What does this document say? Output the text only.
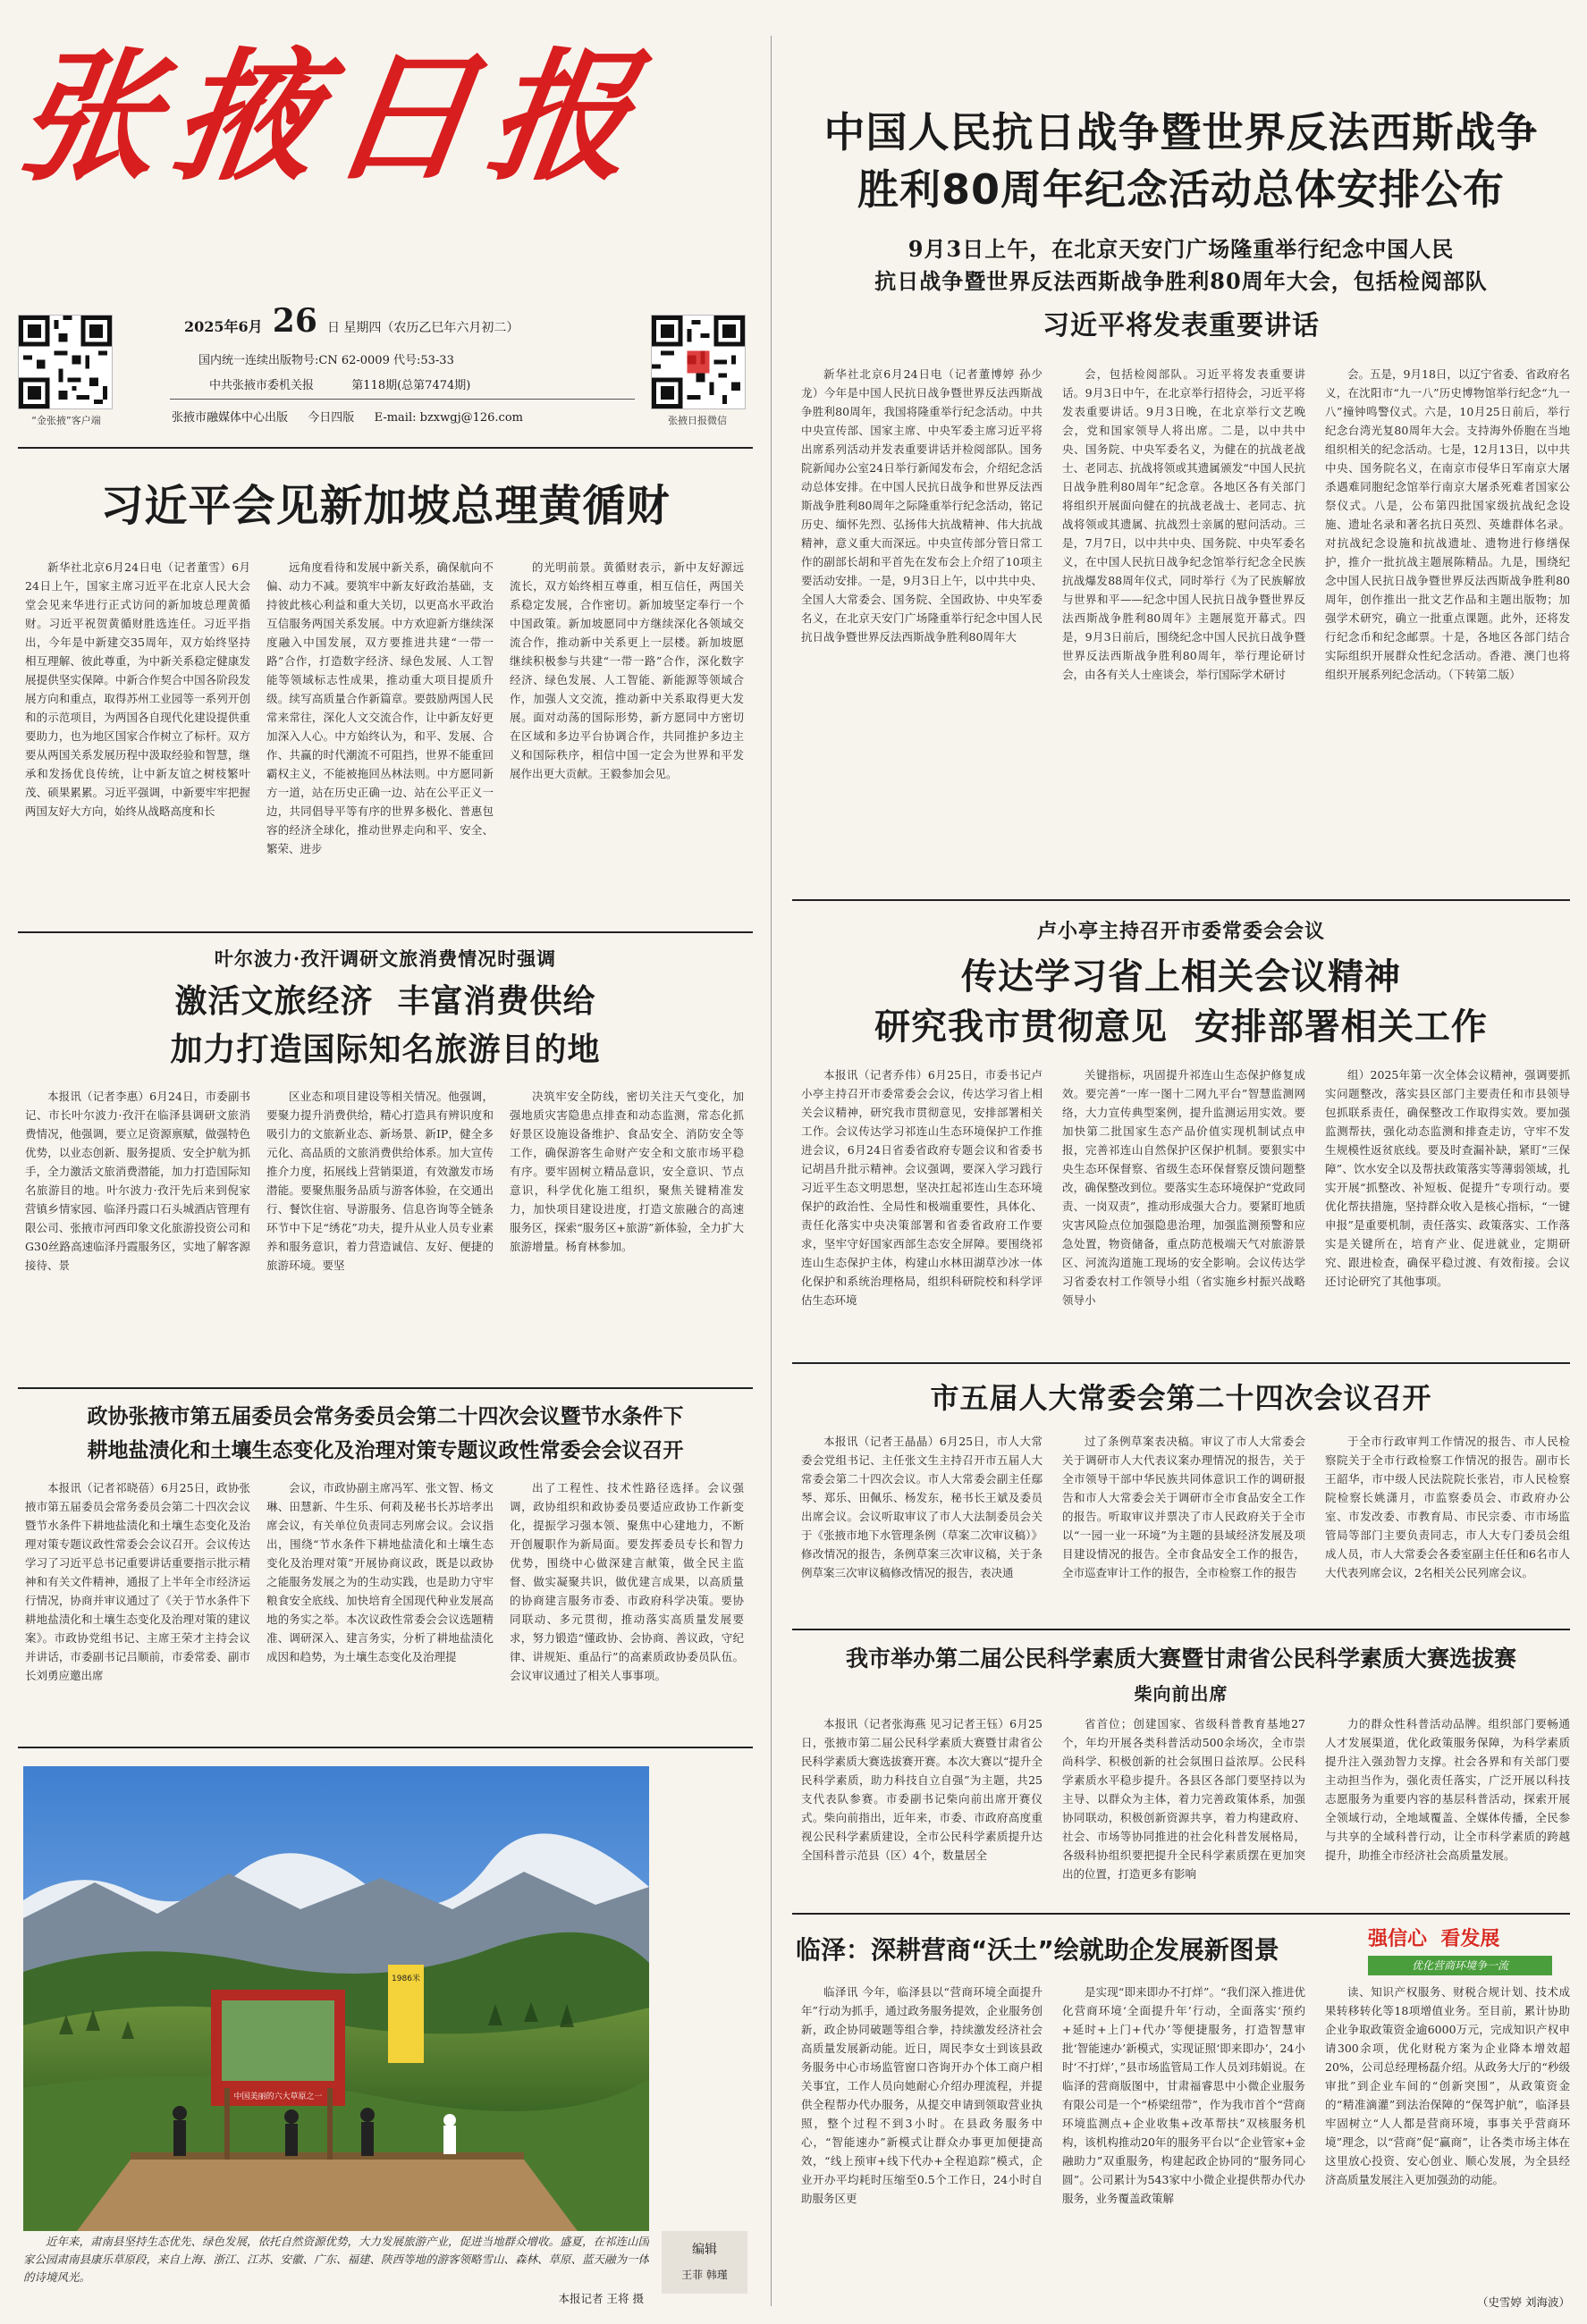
张掖日报
“金张掖”客户端	张掖日报微信
2025年6月 26 日 星期四（农历乙巳年六月初二）
国内统一连续出版物号:CN 62-0009 代号:53-33
中共张掖市委机关报	第118期(总第7474期)
张掖市融媒体中心出版 今日四版 E-mail: bzxwgj@126.com
中国人民抗日战争暨世界反法西斯战争
胜利80周年纪念活动总体安排公布
9月3日上午，在北京天安门广场隆重举行纪念中国人民
抗日战争暨世界反法西斯战争胜利80周年大会，包括检阅部队
习近平将发表重要讲话

新华社北京6月24日电（记者董博婷 孙少龙）今年是中国人民抗日战争暨世界反法西斯战争胜利80周年，我国将隆重举行纪念活动。中共中央宣传部、国家主席、中央军委主席习近平将出席系列活动并发表重要讲话并检阅部队。国务院新闻办公室24日举行新闻发布会，介绍纪念活动总体安排。在中国人民抗日战争和世界反法西斯战争胜利80周年之际隆重举行纪念活动，铭记历史、缅怀先烈、弘扬伟大抗战精神、伟大抗战精神，意义重大而深远。中央宣传部分管日常工作的副部长胡和平首先在发布会上介绍了10项主要活动安排。一是，9月3日上午，以中共中央、全国人大常委会、国务院、全国政协、中央军委名义，在北京天安门广场隆重举行纪念中国人民抗日战争暨世界反法西斯战争胜利80周年大

会，包括检阅部队。习近平将发表重要讲话。9月3日中午，在北京举行招待会，习近平将发表重要讲话。9月3日晚，在北京举行文艺晚会，党和国家领导人将出席。二是，以中共中央、国务院、中央军委名义，为健在的抗战老战士、老同志、抗战将领或其遗属颁发“中国人民抗日战争胜利80周年”纪念章。各地区各有关部门将组织开展面向健在的抗战老战士、老同志、抗战将领或其遗属、抗战烈士亲属的慰问活动。三是，7月7日，以中共中央、国务院、中央军委名义，在中国人民抗日战争纪念馆举行纪念全民族抗战爆发88周年仪式，同时举行《为了民族解放与世界和平——纪念中国人民抗日战争暨世界反法西斯战争胜利80周年》主题展览开幕式。四是，9月3日前后，围绕纪念中国人民抗日战争暨世界反法西斯战争胜利80周年，举行理论研讨会，由各有关人士座谈会，举行国际学术研讨

会。五是，9月18日，以辽宁省委、省政府名义，在沈阳市“九一八”历史博物馆举行纪念“九一八”撞钟鸣警仪式。六是，10月25日前后，举行纪念台湾光复80周年大会。支持海外侨胞在当地组织相关的纪念活动。七是，12月13日，以中共中央、国务院名义，在南京市侵华日军南京大屠杀遇难同胞纪念馆举行南京大屠杀死难者国家公祭仪式。八是，公布第四批国家级抗战纪念设施、遗址名录和著名抗日英烈、英雄群体名录。对抗战纪念设施和抗战遗址、遗物进行修缮保护，推介一批抗战主题展陈精品。九是，围绕纪念中国人民抗日战争暨世界反法西斯战争胜利80周年，创作推出一批文艺作品和主题出版物；加强学术研究，确立一批重点课题。此外，还将发行纪念币和纪念邮票。十是，各地区各部门结合实际组织开展群众性纪念活动。香港、澳门也将组织开展系列纪念活动。（下转第二版）

习近平会见新加坡总理黄循财

新华社北京6月24日电（记者董雪）6月24日上午，国家主席习近平在北京人民大会堂会见来华进行正式访问的新加坡总理黄循财。习近平祝贺黄循财胜选连任。习近平指出，今年是中新建交35周年，双方始终坚持相互理解、彼此尊重，为中新关系稳定健康发展提供坚实保障。中新合作契合中国各阶段发展方向和重点，取得苏州工业园等一系列开创和的示范项目，为两国各自现代化建设提供重要助力，也为地区国家合作树立了标杆。双方要从两国关系发展历程中汲取经验和智慧，继承和发扬优良传统，让中新友谊之树枝繁叶茂、硕果累累。习近平强调，中新要牢牢把握两国友好大方向，始终从战略高度和长

远角度看待和发展中新关系，确保航向不偏、动力不减。要筑牢中新友好政治基础，支持彼此核心利益和重大关切，以更高水平政治互信服务两国关系发展。中方欢迎新方继续深度融入中国发展，双方要推进共建“一带一路”合作，打造数字经济、绿色发展、人工智能等领域标志性成果，推动重大项目提质升级。续写高质量合作新篇章。要鼓励两国人民常来常往，深化人文交流合作，让中新友好更加深入人心。中方始终认为，和平、发展、合作、共赢的时代潮流不可阻挡，世界不能重回霸权主义，不能被拖回丛林法则。中方愿同新方一道，站在历史正确一边、站在公平正义一边，共同倡导平等有序的世界多极化、普惠包容的经济全球化，推动世界走向和平、安全、繁荣、进步

的光明前景。黄循财表示，新中友好源远流长，双方始终相互尊重，相互信任，两国关系稳定发展，合作密切。新加坡坚定奉行一个中国政策。新加坡愿同中方继续深化各领域交流合作，推动新中关系更上一层楼。新加坡愿继续积极参与共建“一带一路”合作，深化数字经济、绿色发展、人工智能、新能源等领域合作，加强人文交流，推动新中关系取得更大发展。面对动荡的国际形势，新方愿同中方密切在区域和多边平台协调合作，共同推护多边主义和国际秩序，相信中国一定会为世界和平发展作出更大贡献。王毅参加会见。

叶尔波力·孜汗调研文旅消费情况时强调
激活文旅经济  丰富消费供给
加力打造国际知名旅游目的地

本报讯（记者李惠）6月24日，市委副书记、市长叶尔波力·孜汗在临泽县调研文旅消费情况，他强调，要立足资源禀赋，做强特色优势，以业态创新、服务提质、安全护航为抓手，全力激活文旅消费潜能，加力打造国际知名旅游目的地。叶尔波力·孜汗先后来到倪家营镇乡情家园、临泽丹霞口石头城酒店管理有限公司、张掖市河西印象文化旅游投资公司和G30丝路高速临泽丹霞服务区，实地了解客源接待、景

区业态和项目建设等相关情况。他强调，要聚力提升消费供给，精心打造具有辨识度和吸引力的文旅新业态、新场景、新IP，健全多元化、高品质的文旅消费供给体系。加大宣传推介力度，拓展线上营销渠道，有效激发市场潜能。要聚焦服务品质与游客体验，在交通出行、餐饮住宿、导游服务、信息咨询等全链条环节中下足“绣花”功夫，提升从业人员专业素养和服务意识，着力营造诚信、友好、便捷的旅游环境。要坚

决筑牢安全防线，密切关注天气变化，加强地质灾害隐患点排查和动态监测，常态化抓好景区设施设备维护、食品安全、消防安全等工作，确保游客生命财产安全和文旅市场平稳有序。要牢固树立精品意识，安全意识、节点意识，科学优化施工组织，聚焦关键精准发力，加快项目建设进度，打造文旅融合的高速服务区，探索“服务区+旅游”新体验，全力扩大旅游增量。杨育林参加。

政协张掖市第五届委员会常务委员会第二十四次会议暨节水条件下
耕地盐渍化和土壤生态变化及治理对策专题议政性常委会会议召开

本报讯（记者祁晓蓓）6月25日，政协张掖市第五届委员会常务委员会第二十四次会议暨节水条件下耕地盐渍化和土壤生态变化及治理对策专题议政性常委会会议召开。会议传达学习了习近平总书记重要讲话重要指示批示精神和有关文件精神，通报了上半年全市经济运行情况，协商并审议通过了《关于节水条件下耕地盐渍化和土壤生态变化及治理对策的建议案》。市政协党组书记、主席王荣才主持会议并讲话，市委副书记吕顺前，市委常委、副市长刘勇应邀出席

会议，市政协副主席冯军、张文智、杨文琳、田慧新、牛生乐、何莉及秘书长苏培孝出席会议，有关单位负责同志列席会议。会议指出，围绕“节水条件下耕地盐渍化和土壤生态变化及治理对策”开展协商议政，既是以政协之能服务发展之为的生动实践，也是助力守牢粮食安全底线、加快培育全国现代种业发展高地的务实之举。本次议政性常委会会议选题精准、调研深入、建言务实，分析了耕地盐渍化成因和趋势，为土壤生态变化及治理提

出了工程性、技术性路径选择。会议强调，政协组织和政协委员要适应政协工作新变化，提振学习强本领、聚焦中心建地力，不断开创履职作为新局面。要发挥委员专长和智力优势，围绕中心做深建言献策，做全民主监督、做实凝聚共识，做优建言成果，以高质量的协商建言服务市委、市政府科学决策。要协同联动、多元贯彻，推动落实高质量发展要求，努力锻造“懂政协、会协商、善议政，守纪律、讲规矩、重品行”的高素质政协委员队伍。会议审议通过了相关人事事项。

中国美丽的六大草原之一
1986米
近年来，肃南县坚持生态优先、绿色发展，依托自然资源优势，大力发展旅游产业，促进当地群众增收。盛夏，在祁连山国家公园肃南县康乐草原段，来自上海、浙江、江苏、安徽、广东、福建、陕西等地的游客领略雪山、森林、草原、蓝天融为一体的诗境风光。
本报记者 王将 摄
编辑
王菲 韩瑾
卢小亭主持召开市委常委会会议
传达学习省上相关会议精神
研究我市贯彻意见  安排部署相关工作

本报讯（记者乔伟）6月25日，市委书记卢小亭主持召开市委常委会会议，传达学习省上相关会议精神，研究我市贯彻意见，安排部署相关工作。会议传达学习祁连山生态环境保护工作推进会议，6月24日省委省政府专题会议和省委书记胡昌升批示精神。会议强调，要深入学习践行习近平生态文明思想，坚决扛起祁连山生态环境保护的政治性、全局性和极端重要性，具体化、责任化落实中央决策部署和省委省政府工作要求，坚牢守好国家西部生态安全屏障。要围绕祁连山生态保护主体，构建山水林田湖草沙冰一体化保护和系统治理格局，组织科研院校和科学评估生态环境

关键指标，巩固提升祁连山生态保护修复成效。要完善“一库一图十二网九平台”智慧监测网络，大力宣传典型案例，提升监测运用实效。要加快第二批国家生态产品价值实现机制试点申报，完善祁连山自然保护区保护机制。要狠实中央生态环保督察、省级生态环保督察反馈问题整改，确保整改到位。要落实生态环境保护“党政同责、一岗双责”，推动形成强大合力。要紧盯地质灾害风险点位加强隐患治理，加强监测预警和应急处置，物资储备，重点防范极端天气对旅游景区、河流沟道施工现场的安全影响。会议传达学习省委农村工作领导小组（省实施乡村振兴战略领导小

组）2025年第一次全体会议精神，强调要抓实问题整改，落实县区部门主要责任和市县领导包抓联系责任，确保整改工作取得实效。要加强监测帮扶，强化动态监测和排查走访，守牢不发生规模性返贫底线。要及时查漏补缺，紧盯“三保障”、饮水安全以及帮扶政策落实等薄弱领域，扎实开展“抓整改、补短板、促提升”专项行动。要优化帮扶措施，坚持群众收入是核心指标，“一键申报”是重要机制，责任落实、政策落实、工作落实是关键所在，培育产业、促进就业，定期研究、跟进检查，确保平稳过渡、有效衔接。会议还讨论研究了其他事项。

市五届人大常委会第二十四次会议召开

本报讯（记者王晶晶）6月25日，市人大常委会党组书记、主任张文生主持召开市五届人大常委会第二十四次会议。市人大常委会副主任鄢琴、郑乐、田佩乐、杨发东，秘书长王斌及委员出席会议。会议听取审议了市人大法制委员会关于《张掖市地下水管理条例（草案二次审议稿）》修改情况的报告，条例草案三次审议稿，关于条例草案三次审议稿修改情况的报告，表决通

过了条例草案表决稿。审议了市人大常委会关于调研市人大代表议案办理情况的报告，关于全市领导干部中华民族共同体意识工作的调研报告和市人大常委会关于调研市全市食品安全工作的报告。听取审议并票决了市人民政府关于全市以“一园一业一环境”为主题的县域经济发展及项目建设情况的报告。全市食品安全工作的报告，全市巡查审计工作的报告，全市检察工作的报告

于全市行政审判工作情况的报告、市人民检察院关于全市行政检察工作情况的报告。副市长王韶华，市中级人民法院院长张岩，市人民检察院检察长姚潇月，市监察委员会、市政府办公室、市发改委、市教育局、市民宗委、市市场监管局等部门主要负责同志，市人大专门委员会组成人员，市人大常委会各委室副主任任和6名市人大代表列席会议，2名相关公民列席会议。

我市举办第二届公民科学素质大赛暨甘肃省公民科学素质大赛选拔赛
柴向前出席

本报讯（记者张海燕 见习记者王钰）6月25日，张掖市第二届公民科学素质大赛暨甘肃省公民科学素质大赛选拔赛开赛。本次大赛以“提升全民科学素质，助力科技自立自强”为主题，共25支代表队参赛。市委副书记柴向前出席开赛仪式。柴向前指出，近年来，市委、市政府高度重视公民科学素质建设，全市公民科学素质提升达全国科普示范县（区）4个，数量居全

省首位；创建国家、省级科普教育基地27个，年均开展各类科普活动500余场次，全市崇尚科学、积极创新的社会氛围日益浓厚。公民科学素质水平稳步提升。各县区各部门要坚持以为主导、以群众为主体，着力完善政策体系，加强协同联动，积极创新资源共享，着力构建政府、社会、市场等协同推进的社会化科普发展格局，各级科协组织要把提升全民科学素质摆在更加突出的位置，打造更多有影响

力的群众性科普活动品牌。组织部门要畅通人才发展渠道，优化政策服务保障，为科学素质提升注入强劲智力支撑。社会各界和有关部门要主动担当作为，强化责任落实，广泛开展以科技志愿服务为重要内容的基层科普活动，探索开展全领域行动，全地域覆盖、全媒体传播，全民参与共享的全域科普行动，让全市科学素质的跨越提升，助推全市经济社会高质量发展。

临泽：深耕营商“沃土”绘就助企发展新图景	强信心  看发展
优化营商环境争一流

临泽讯 今年，临泽县以“营商环境全面提升年”行动为抓手，通过政务服务提效，企业服务创新，政企协同破题等组合拳，持续激发经济社会高质量发展新动能。近日，周民李女士到该县政务服务中心市场监管窗口咨询开办个体工商户相关事宜，工作人员向她耐心介绍办理流程，并提供全程帮办代办服务，从提交申请到领取营业执照，整个过程不到3小时。在县政务服务中心，“智能速办”新模式让群众办事更加便捷高效，“线上预审+线下代办+全程追踪”模式，企业开办平均耗时压缩至0.5个工作日，24小时自助服务区更

是实现“即来即办不打烊”。“我们深入推进优化营商环境‘全面提升年’行动，全面落实‘预约+延时+上门+代办’等便捷服务，打造智慧审批‘智能速办’新模式，实现证照‘即来即办’，24小时‘不打烊’，”县市场监管局工作人员刘玮娟说。在临泽的营商版图中，甘肃福睿思中小微企业服务有限公司是一个“桥梁纽带”，作为我市首个“营商环境监测点+企业收集+改革帮扶”双核服务机构，该机构推动20年的服务平台以“企业管家+金融助力”双重服务，构建起政企协同的“服务同心圆”。公司累计为543家中小微企业提供帮办代办服务，业务覆盖政策解

读、知识产权服务、财税合规计划、技术成果转移转化等18项增值业务。至目前，累计协助企业争取政策资金逾6000万元，完成知识产权申请300余项，优化财税方案为企业降本增效超20%，公司总经理杨磊介绍。从政务大厅的“秒级审批”到企业车间的“创新突围”，从政策资金的“精准滴灌”到法治保障的“保驾护航”，临泽县牢固树立“人人都是营商环境，事事关乎营商环境”理念，以“营商”促“赢商”，让各类市场主体在这里放心投资、安心创业、顺心发展，为全县经济高质量发展注入更加强劲的动能。

（史雪婷 刘海波）
